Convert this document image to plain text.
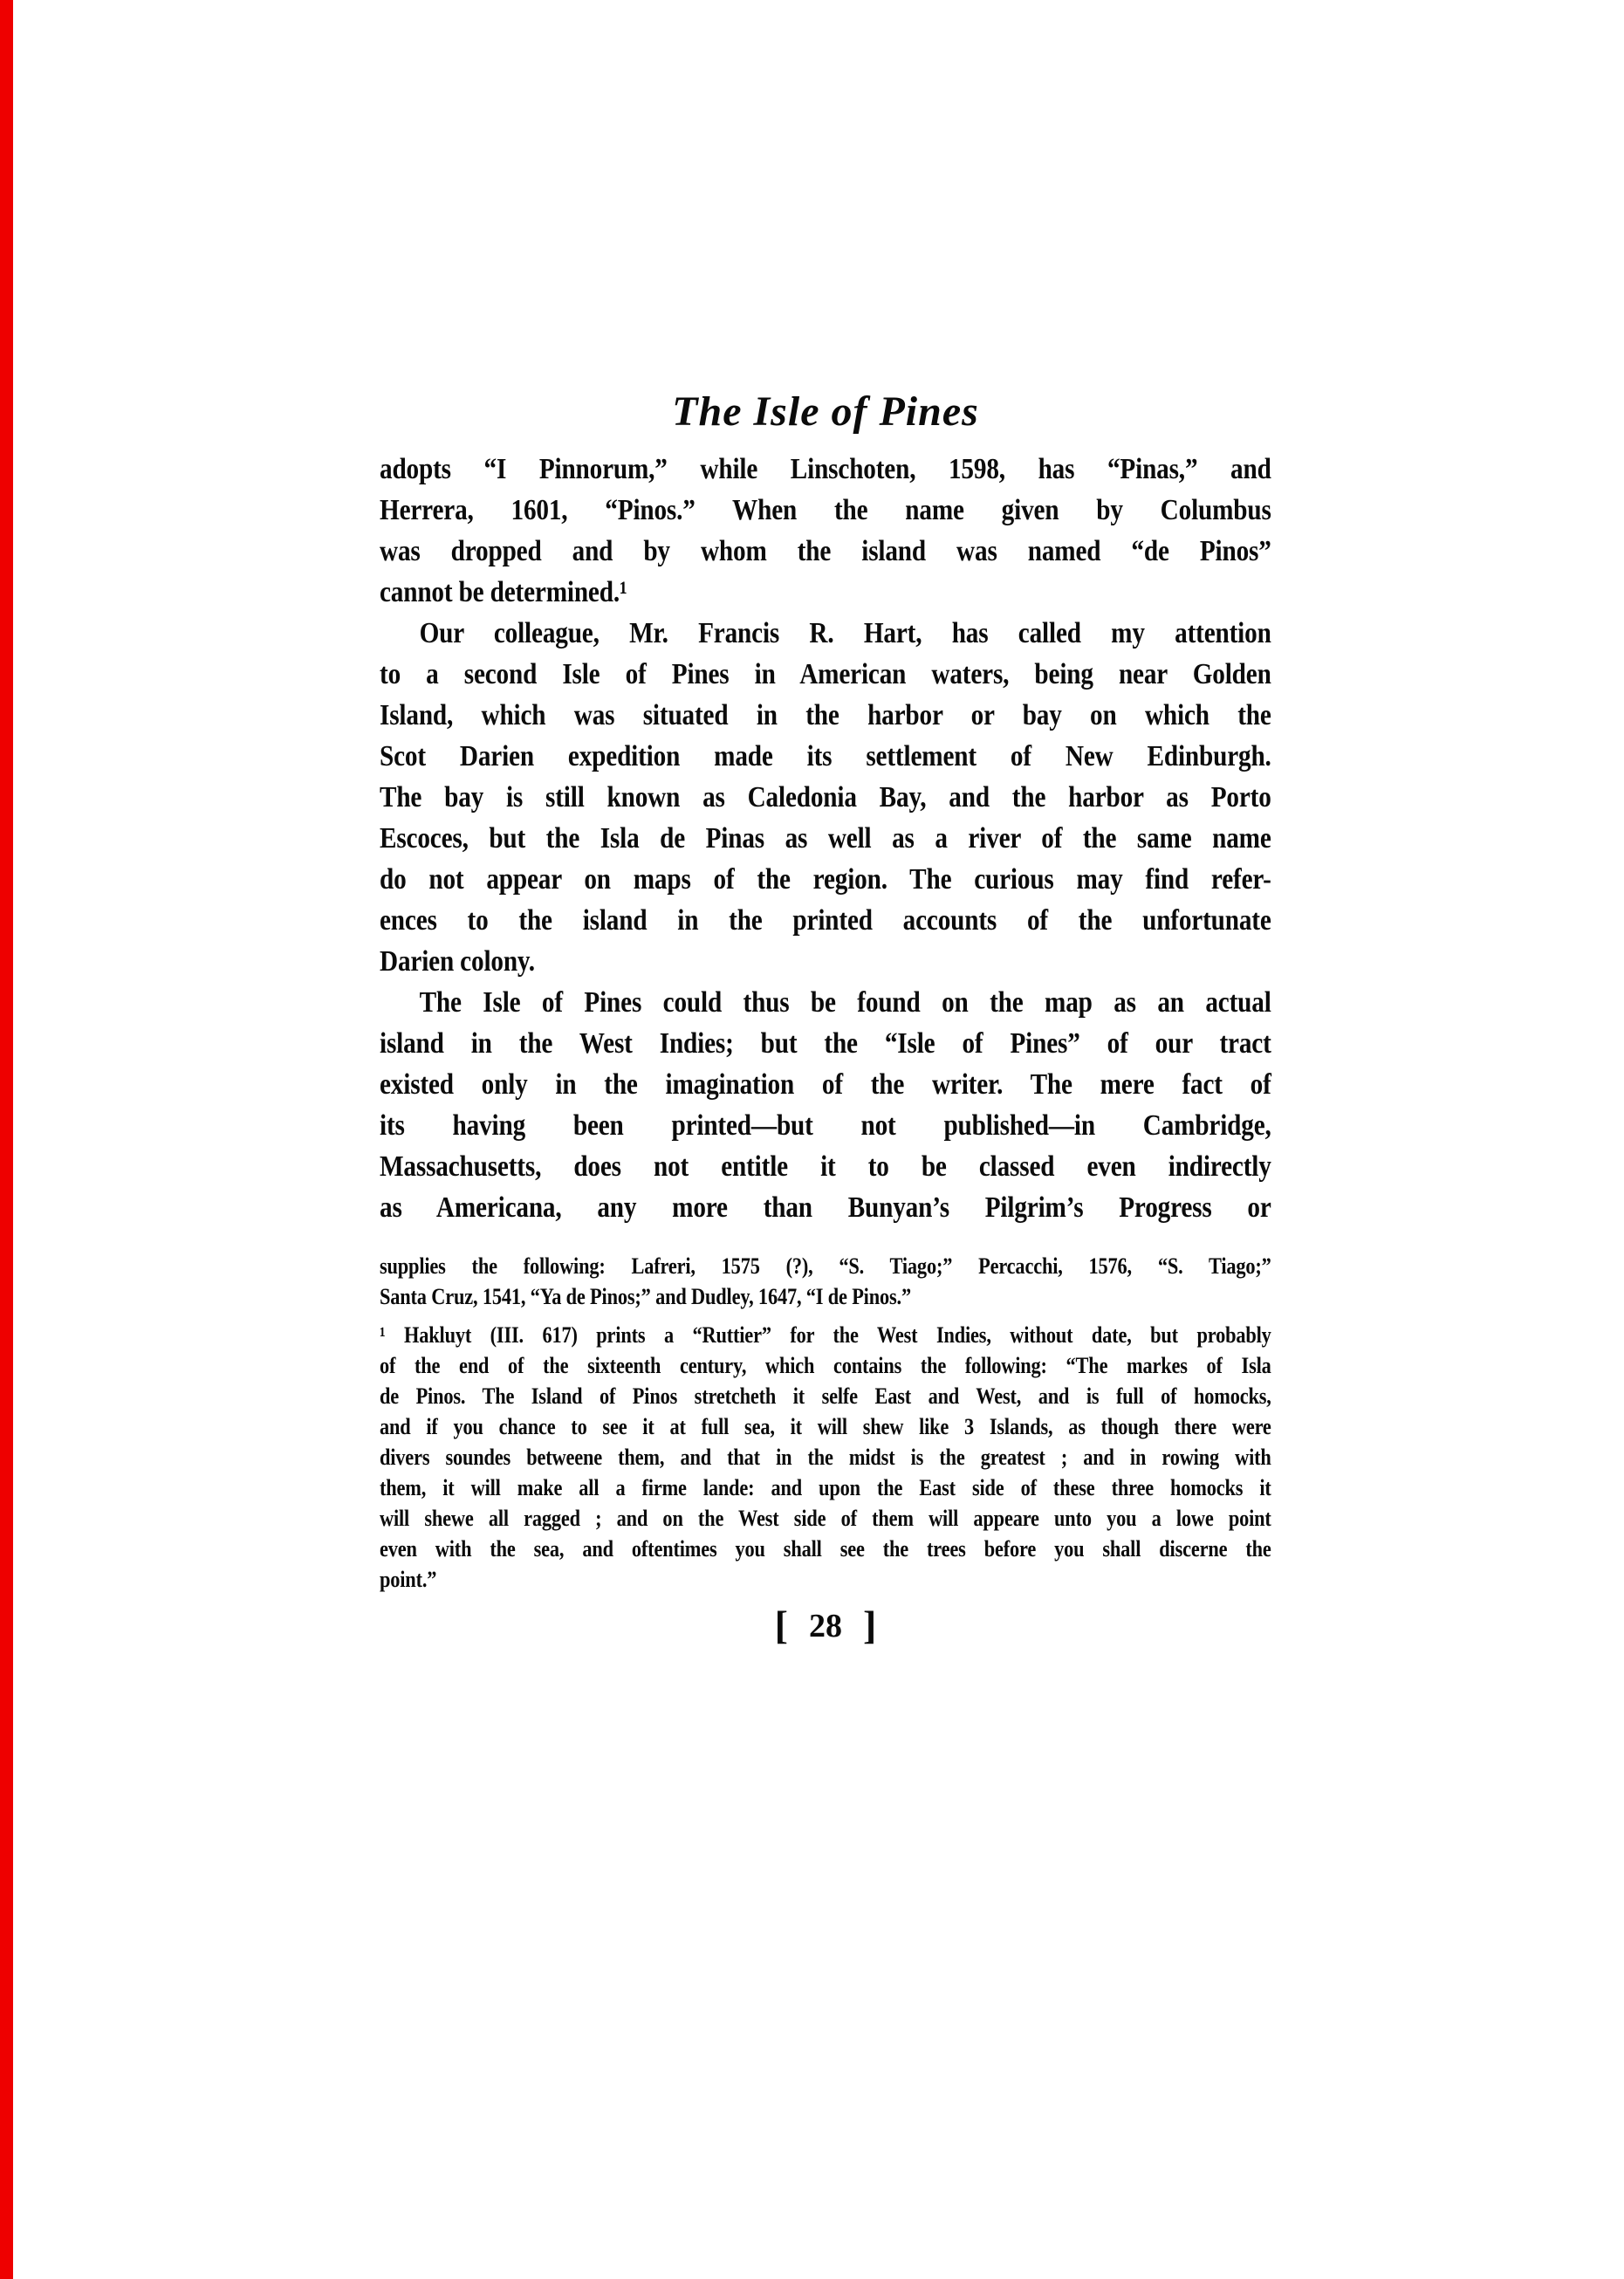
The Isle of Pines
adopts “I Pinnorum,” while Linschoten, 1598, has “Pinas,” and
Herrera, 1601, “Pinos.” When the name given by Columbus
was dropped and by whom the island was named “de Pinos”
cannot be determined.¹
Our colleague, Mr. Francis R. Hart, has called my attention
to a second Isle of Pines in American waters, being near Golden
Island, which was situated in the harbor or bay on which the
Scot Darien expedition made its settlement of New Edinburgh.
The bay is still known as Caledonia Bay, and the harbor as Porto
Escoces, but the Isla de Pinas as well as a river of the same name
do not appear on maps of the region. The curious may find refer-
ences to the island in the printed accounts of the unfortunate
Darien colony.
The Isle of Pines could thus be found on the map as an actual
island in the West Indies; but the “Isle of Pines” of our tract
existed only in the imagination of the writer. The mere fact of
its having been printed—but not published—in Cambridge,
Massachusetts, does not entitle it to be classed even indirectly
as Americana, any more than Bunyan’s Pilgrim’s Progress or
supplies the following: Lafreri, 1575 (?), “S. Tiago;” Percacchi, 1576, “S. Tiago;”
Santa Cruz, 1541, “Ya de Pinos;” and Dudley, 1647, “I de Pinos.”
¹ Hakluyt (III. 617) prints a “Ruttier” for the West Indies, without date, but probably
of the end of the sixteenth century, which contains the following: “The markes of Isla
de Pinos. The Island of Pinos stretcheth it selfe East and West, and is full of homocks,
and if you chance to see it at full sea, it will shew like 3 Islands, as though there were
divers soundes betweene them, and that in the midst is the greatest ; and in rowing with
them, it will make all a firme lande: and upon the East side of these three homocks it
will shewe all ragged ; and on the West side of them will appeare unto you a lowe point
even with the sea, and oftentimes you shall see the trees before you shall discerne the
point.”
[ 28 ]
